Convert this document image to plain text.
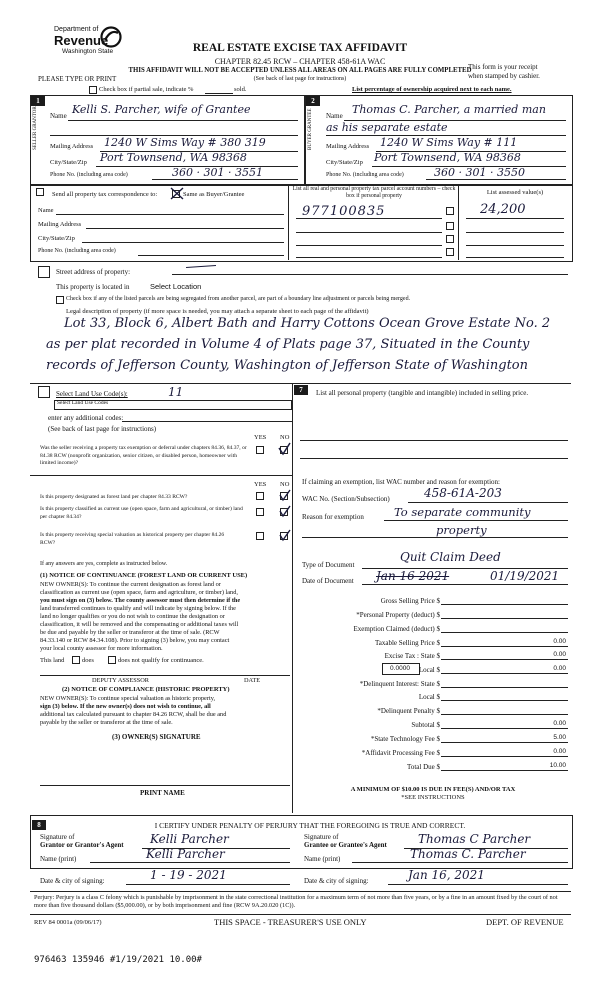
Department of
Revenue
Washington State
PLEASE TYPE OR PRINT
REAL ESTATE EXCISE TAX AFFIDAVIT
CHAPTER 82.45 RCW – CHAPTER 458-61A WAC
THIS AFFIDAVIT WILL NOT BE ACCEPTED UNLESS ALL AREAS ON ALL PAGES ARE FULLY COMPLETED
(See back of last page for instructions)
This form is your receipt
when stamped by cashier.
Check box if partial sale, indicate %	sold.	List percentage of ownership acquired next to each name.
1
SELLER GRANTOR Name Kelli S. Parcher, wife of Grantee
Mailing Address 1240 W Sims Way # 380 319
City/State/Zip Port Townsend, WA 98368
Phone No. (including area code)	360 · 301 · 3551
2
BUYER GRANTEE Name Thomas C. Parcher, a married man
as his separate estate
Mailing Address 1240 W Sims Way # 111
City/State/Zip Port Townsend, WA 98368
Phone No. (including area code)	360 · 301 · 3550
Send all property tax correspondence to:	Same as Buyer/Grantee
Name
Mailing Address
City/State/Zip
Phone No. (including area code)
List all real and personal property tax parcel account numbers – check box if personal property	List assessed value(s)
977100835	24,200
Street address of property:
This property is located in	Select Location
Check box if any of the listed parcels are being segregated from another parcel, are part of a boundary line adjustment or parcels being merged.
Legal description of property (if more space is needed, you may attach a separate sheet to each page of the affidavit)
Lot 33, Block 6, Albert Bath and Harry Cottons Ocean Grove Estate No. 2
as per plat recorded in Volume 4 of Plats page 37, Situated in the County
records of Jefferson County, Washington of Jefferson State of Washington
Select Land Use Code(s):	11
Select Land Use Codes
enter any additional codes:
(See back of last page for instructions)
YES NO
Was the seller receiving a property tax exemption or deferral under chapters 84.36, 84.37, or 84.38 RCW (nonprofit organization, senior citizen, or disabled person, homeowner with limited income)?
YES NO
Is this property designated as forest land per chapter 84.33 RCW?
Is this property classified as current use (open space, farm and agricultural, or timber) land per chapter 84.34?
Is this property receiving special valuation as historical property per chapter 84.26 RCW?
If any answers are yes, complete as instructed below.
(1) NOTICE OF CONTINUANCE (FOREST LAND OR CURRENT USE)
NEW OWNER(S): To continue the current designation as forest land or
classification as current use (open space, farm and agriculture, or timber) land,
you must sign on (3) below. The county assessor must then determine if the
land transferred continues to qualify and will indicate by signing below. If the
land no longer qualifies or you do not wish to continue the designation or
classification, it will be removed and the compensating or additional taxes will
be due and payable by the seller or transferor at the time of sale. (RCW
84.33.140 or RCW 84.34.108). Prior to signing (3) below, you may contact
your local county assessor for more information.
This land	does	does not qualify for continuance.
DEPUTY ASSESSOR	DATE
(2) NOTICE OF COMPLIANCE (HISTORIC PROPERTY)
NEW OWNER(S): To continue special valuation as historic property,
sign (3) below. If the new owner(s) does not wish to continue, all
additional tax calculated pursuant to chapter 84.26 RCW, shall be due and
payable by the seller or transferor at the time of sale.
(3) OWNER(S) SIGNATURE
PRINT NAME
7	List all personal property (tangible and intangible) included in selling price.
If claiming an exemption, list WAC number and reason for exemption:
WAC No. (Section/Subsection)	458-61A-203
Reason for exemption	To separate community
property
Type of Document
Quit Claim Deed
Date of Document Jan 16 2021	01/19/2021
Gross Selling Price $
*Personal Property (deduct) $
Exemption Claimed (deduct) $
Taxable Selling Price $	0.00
Excise Tax : State $	0.00
0.0000	Local $	0.00
*Delinquent Interest: State $
Local $
*Delinquent Penalty $
Subtotal $	0.00
*State Technology Fee $	5.00
*Affidavit Processing Fee $	0.00
Total Due $	10.00
A MINIMUM OF $10.00 IS DUE IN FEE(S) AND/OR TAX
*SEE INSTRUCTIONS
8	I CERTIFY UNDER PENALTY OF PERJURY THAT THE FOREGOING IS TRUE AND CORRECT.
Signature of
Grantor or Grantor's Agent Kelli Parcher
Name (print)	Kelli Parcher
Date & city of signing:	1 - 19 - 2021
Signature of
Grantee or Grantee's Agent	Thomas C Parcher
Name (print)	Thomas C. Parcher
Date & city of signing:	Jan 16, 2021
Perjury: Perjury is a class C felony which is punishable by imprisonment in the state correctional institution for a maximum term of not more than five years, or by a fine in an amount fixed by the court of not more than five thousand dollars ($5,000.00), or by both imprisonment and fine (RCW 9A.20.020 (1C)).
REV 84 0001a (09/06/17)	THIS SPACE - TREASURER'S USE ONLY	DEPT. OF REVENUE
976463 135946 #1/19/2021 10.00#
